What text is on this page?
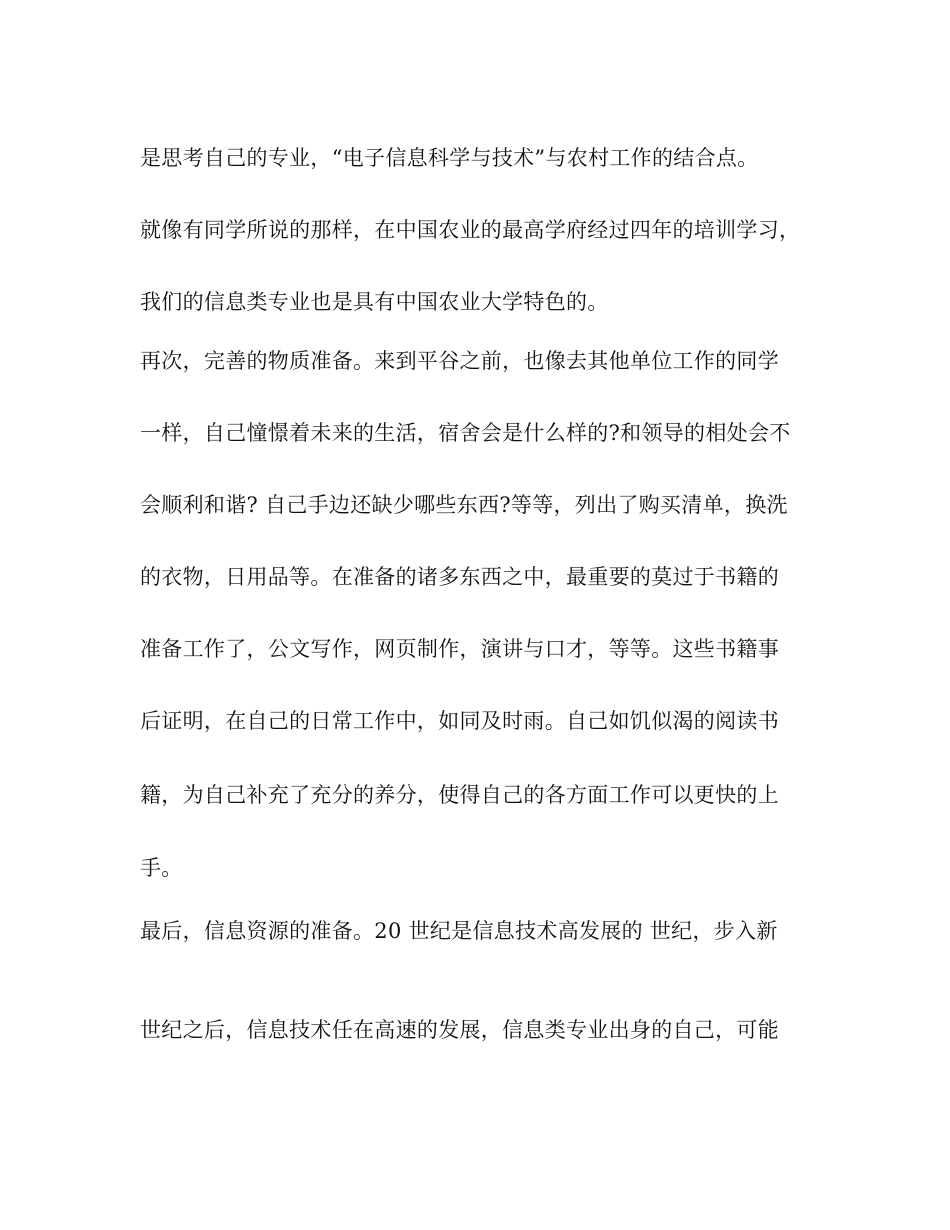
是思考自己的专业，“电子信息科学与技术”与农村工作的结合点。
就像有同学所说的那样，在中国农业的最高学府经过四年的培训学习，
我们的信息类专业也是具有中国农业大学特色的。
再次，完善的物质准备。来到平谷之前，也像去其他单位工作的同学
一样，自己憧憬着未来的生活，宿舍会是什么样的?和领导的相处会不
会顺利和谐? 自己手边还缺少哪些东西?等等，列出了购买清单，换洗
的衣物，日用品等。在准备的诸多东西之中，最重要的莫过于书籍的
准备工作了，公文写作，网页制作，演讲与口才，等等。这些书籍事
后证明，在自己的日常工作中，如同及时雨。自己如饥似渴的阅读书
籍，为自己补充了充分的养分，使得自己的各方面工作可以更快的上
手。
最后，信息资源的准备。20 世纪是信息技术高发展的 世纪，步入新
世纪之后，信息技术任在高速的发展，信息类专业出身的自己，可能
